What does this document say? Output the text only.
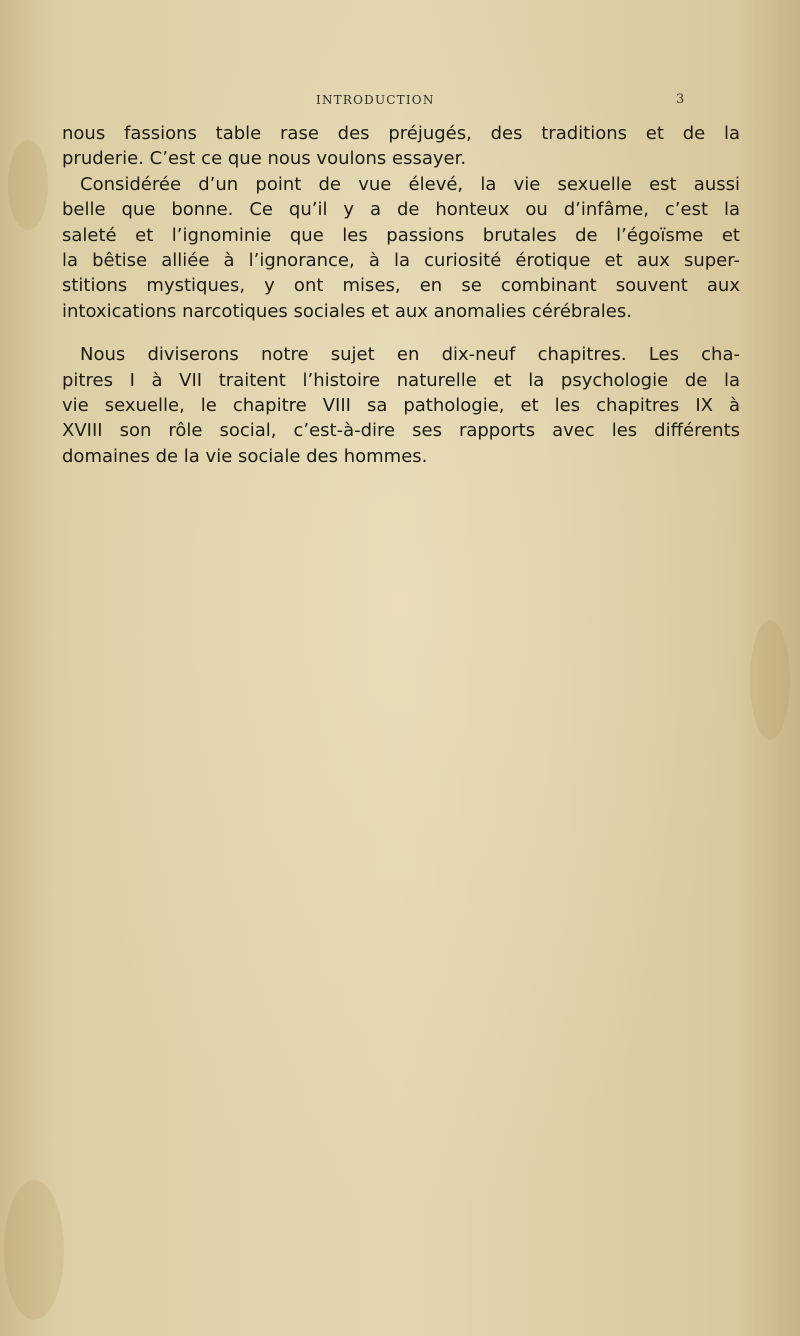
INTRODUCTION	3
nous fassions table rase des préjugés, des traditions et de la
pruderie. C’est ce que nous voulons essayer.
Considérée d’un point de vue élevé, la vie sexuelle est aussi
belle que bonne. Ce qu’il y a de honteux ou d’infâme, c’est la
saleté et l’ignominie que les passions brutales de l’égoïsme et
la bêtise alliée à l’ignorance, à la curiosité érotique et aux super-
stitions mystiques, y ont mises, en se combinant souvent aux
intoxications narcotiques sociales et aux anomalies cérébrales.
Nous diviserons notre sujet en dix-neuf chapitres. Les cha-
pitres I à VII traitent l’histoire naturelle et la psychologie de la
vie sexuelle, le chapitre VIII sa pathologie, et les chapitres IX à
XVIII son rôle social, c’est-à-dire ses rapports avec les différents
domaines de la vie sociale des hommes.
